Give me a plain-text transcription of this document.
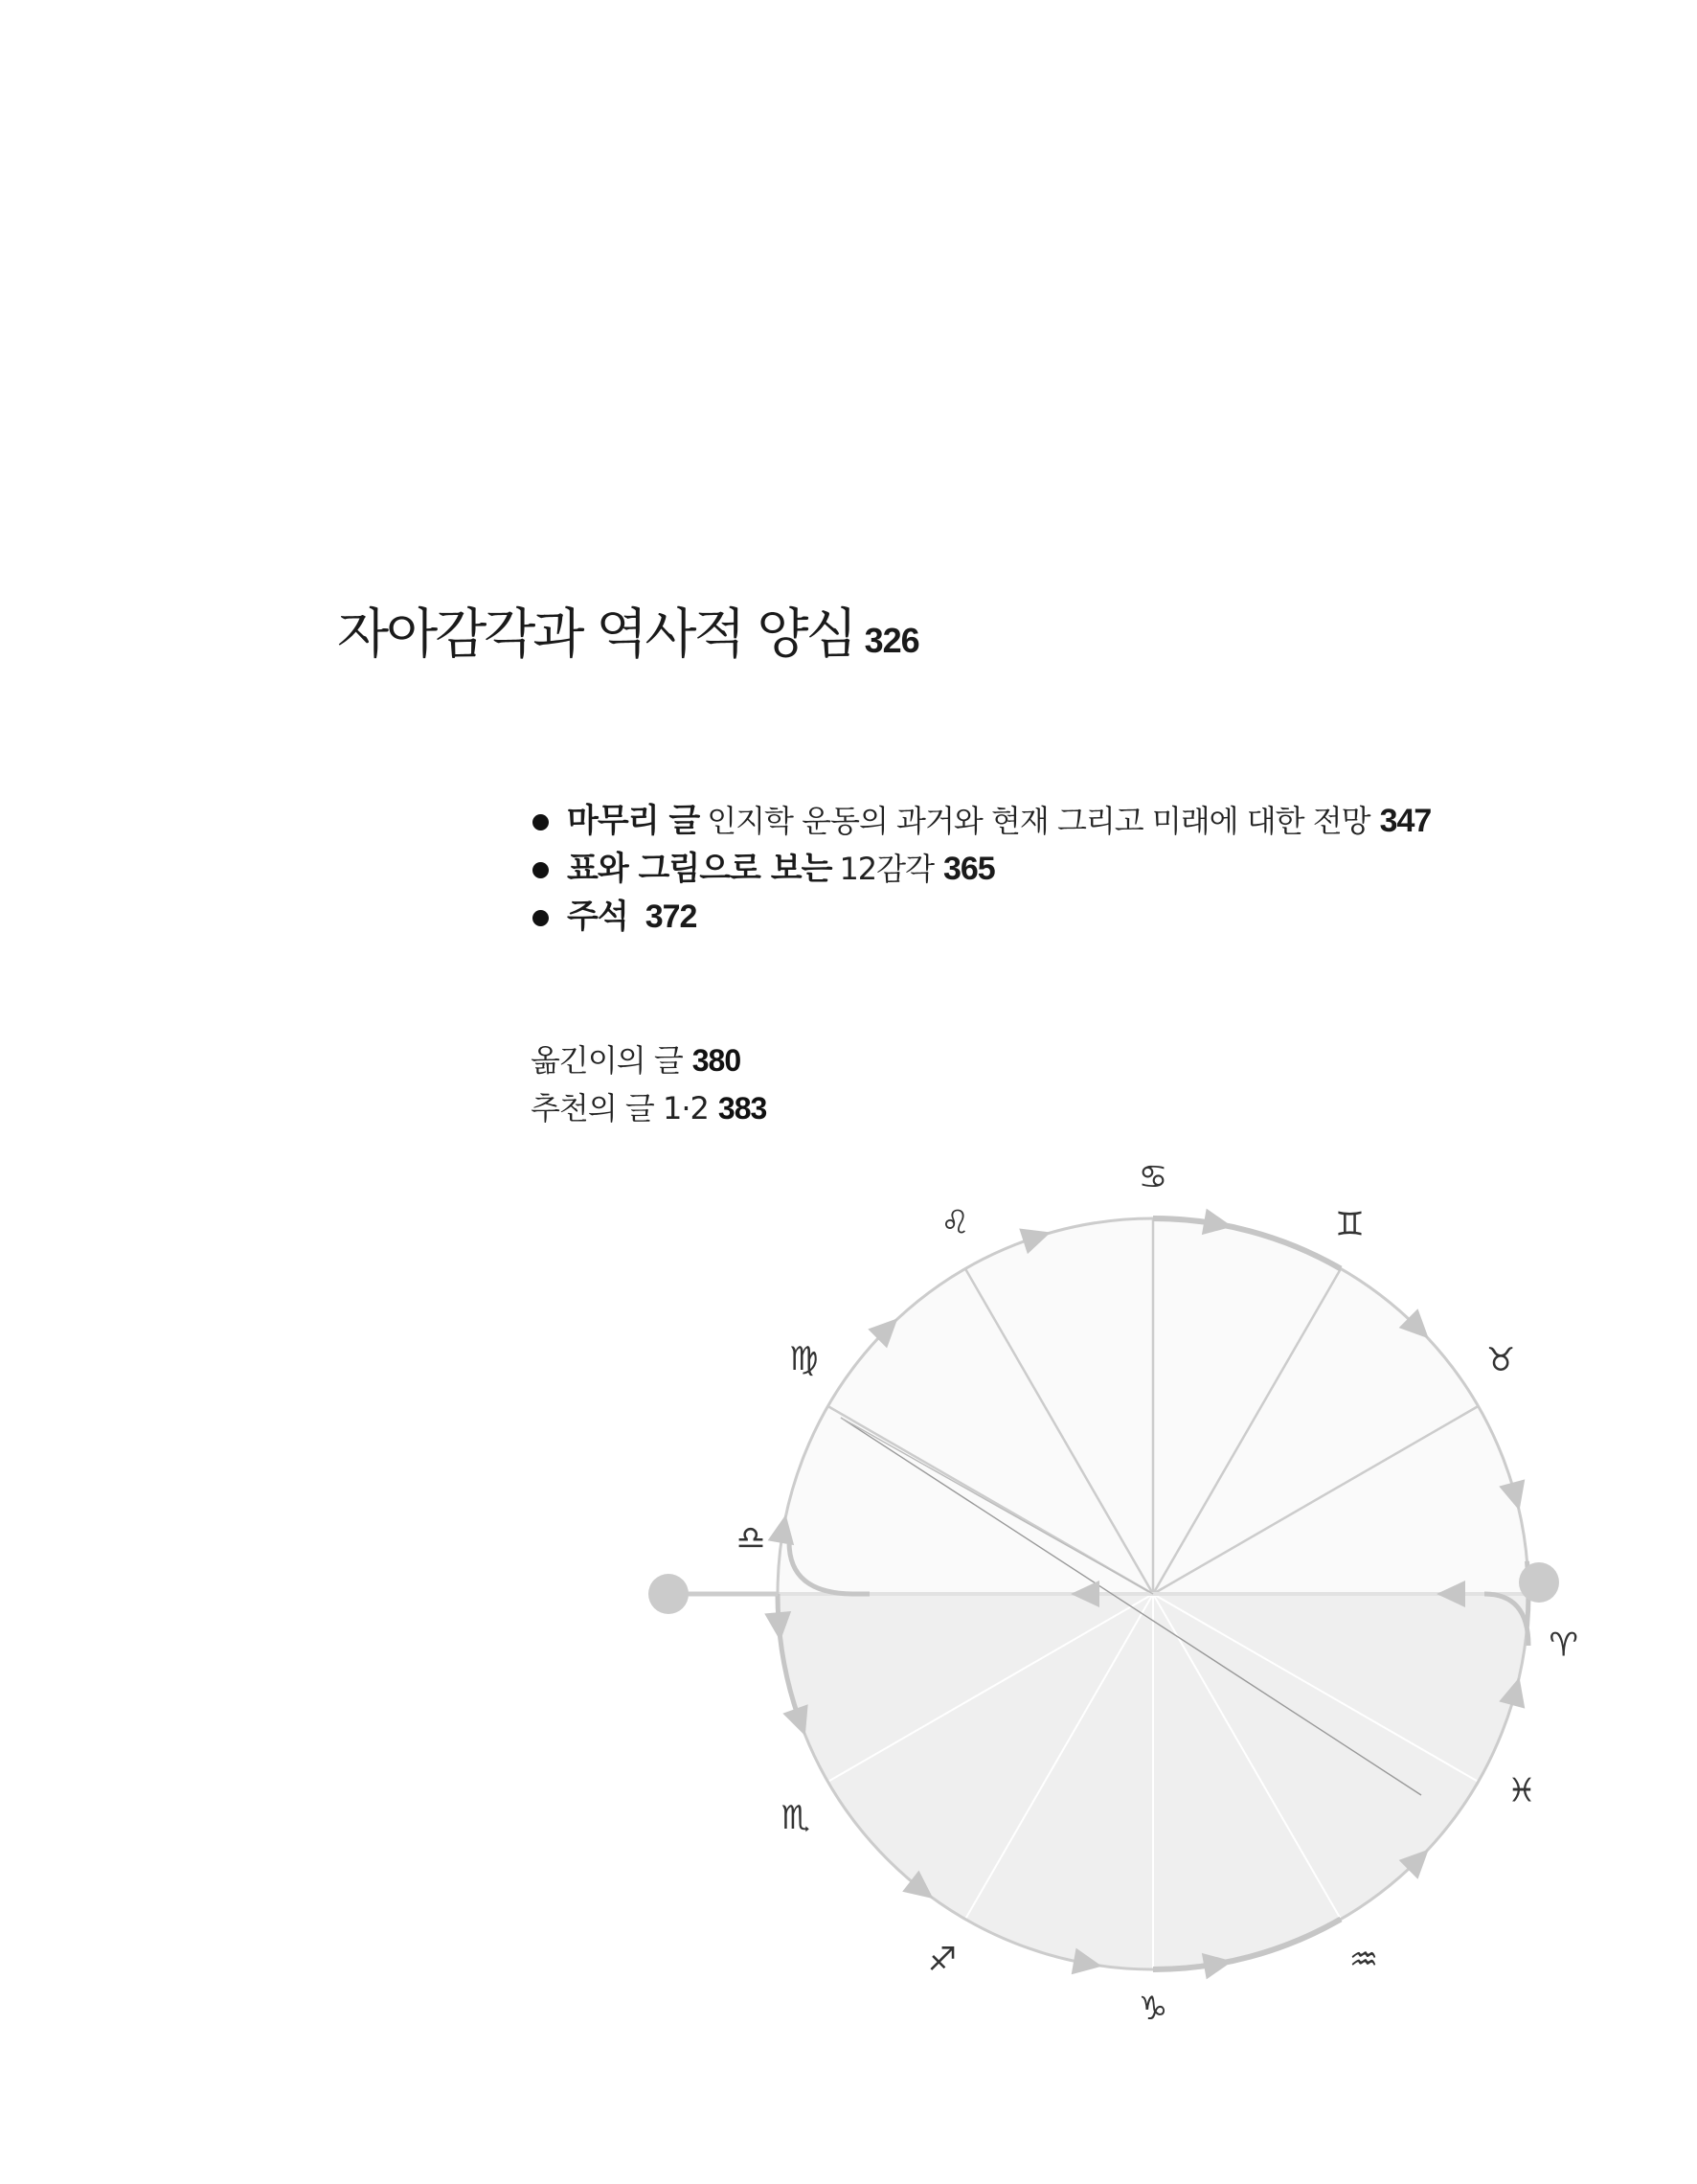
자아감각과 역사적 양심 326
마무리 글 인지학 운동의 과거와 현재 그리고 미래에 대한 전망 347
표와 그림으로 보는 12감각 365
주석 372
옮긴이의 글 380
추천의 글 1·2 383
♈︎
♉︎
♊︎
♋︎
♌︎
♍︎
♎︎
♏︎
♐︎
♑︎
♒︎
♓︎
